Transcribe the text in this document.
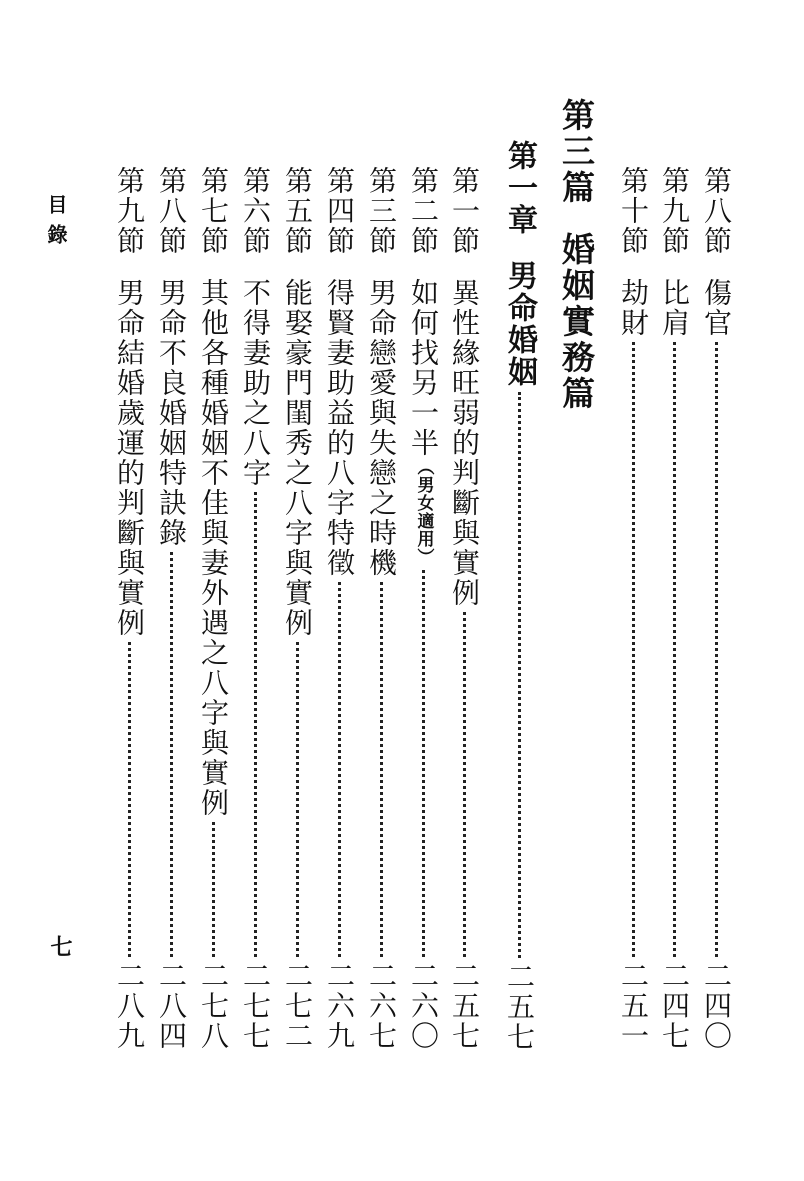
第八節
傷官
二四〇
第九節
比肩
二四七
第十節
劫財
二五一
第三篇婚姻實務篇
第一章
男命婚姻
二五七
第一節
異性緣旺弱的判斷與實例
二五七
第二節
如何找另一半
（男女適用）
二六〇
第三節
男命戀愛與失戀之時機
二六七
第四節
得賢妻助益的八字特徵
二六九
第五節
能娶豪門閨秀之八字與實例
二七二
第六節
不得妻助之八字
二七七
第七節
其他各種婚姻不佳與妻外遇之八字與實例
二七八
第八節
男命不良婚姻特訣錄
二八四
第九節
男命結婚歲運的判斷與實例
二八九
目錄
七
